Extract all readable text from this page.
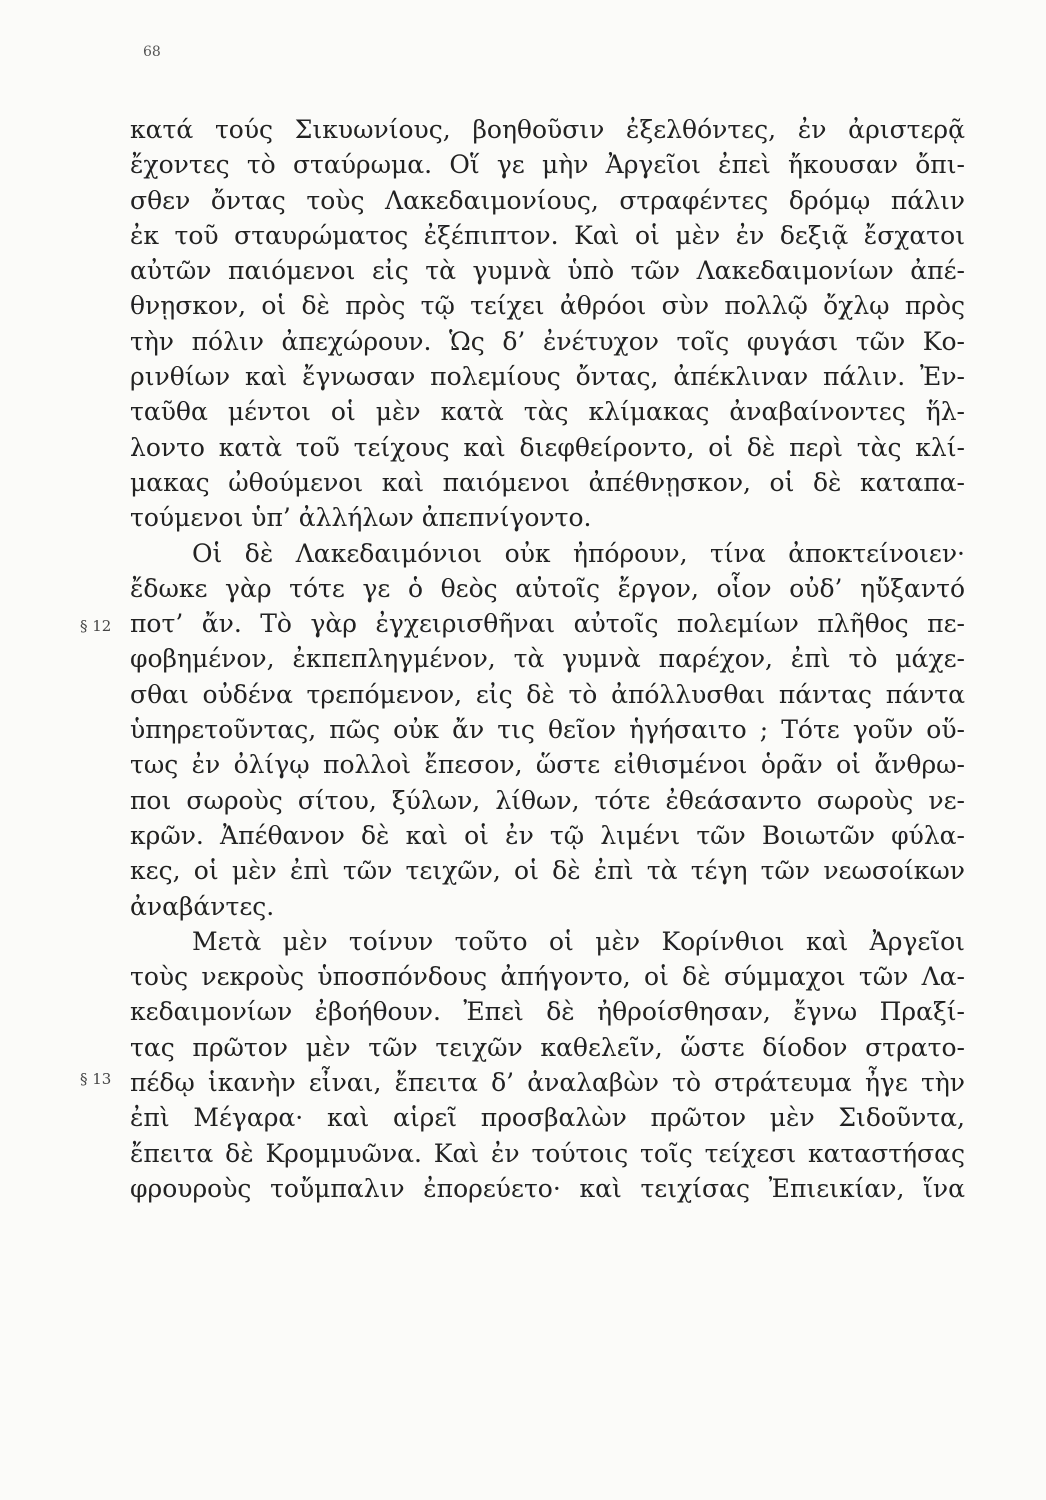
68
κατά τούς Σικυωνίους, βοηθοῦσιν ἐξελθόντες, ἐν ἀριστερᾷ
ἔχοντες τὸ σταύρωμα. Οἵ γε μὴν Ἀργεῖοι ἐπεὶ ἤκουσαν ὄπι-
σθεν ὄντας τοὺς Λακεδαιμονίους, στραφέντες δρόμῳ πάλιν
ἐκ τοῦ σταυρώματος ἐξέπιπτον. Καὶ οἱ μὲν ἐν δεξιᾷ ἔσχατοι
αὐτῶν παιόμενοι εἰς τὰ γυμνὰ ὑπὸ τῶν Λακεδαιμονίων ἀπέ-
θνῃσκον, οἱ δὲ πρὸς τῷ τείχει ἀθρόοι σὺν πολλῷ ὄχλῳ πρὸς
τὴν πόλιν ἀπεχώρουν. Ὡς δ’ ἐνέτυχον τοῖς φυγάσι τῶν Κο-
ρινθίων καὶ ἔγνωσαν πολεμίους ὄντας, ἀπέκλιναν πάλιν. Ἐν-
ταῦθα μέντοι οἱ μὲν κατὰ τὰς κλίμακας ἀναβαίνοντες ἥλ-
λοντο κατὰ τοῦ τείχους καὶ διεφθείροντο, οἱ δὲ περὶ τὰς κλί-
μακας ὠθούμενοι καὶ παιόμενοι ἀπέθνῃσκον, οἱ δὲ καταπα-
τούμενοι ὑπ’ ἀλλήλων ἀπεπνίγοντο.
Οἱ δὲ Λακεδαιμόνιοι οὐκ ἠπόρουν, τίνα ἀποκτείνοιεν·
ἔδωκε γὰρ τότε γε ὁ θεὸς αὐτοῖς ἔργον, οἷον οὐδ’ ηὔξαντό
ποτ’ ἄν. Τὸ γὰρ ἐγχειρισθῆναι αὐτοῖς πολεμίων πλῆθος πε-
φοβημένον, ἐκπεπληγμένον, τὰ γυμνὰ παρέχον, ἐπὶ τὸ μάχε-
σθαι οὐδένα τρεπόμενον, εἰς δὲ τὸ ἀπόλλυσθαι πάντας πάντα
ὑπηρετοῦντας, πῶς οὐκ ἄν τις θεῖον ἡγήσαιτο ; Τότε γοῦν οὕ-
τως ἐν ὀλίγῳ πολλοὶ ἔπεσον, ὥστε εἰθισμένοι ὁρᾶν οἱ ἄνθρω-
ποι σωροὺς σίτου, ξύλων, λίθων, τότε ἐθεάσαντο σωροὺς νε-
κρῶν. Ἀπέθανον δὲ καὶ οἱ ἐν τῷ λιμένι τῶν Βοιωτῶν φύλα-
κες, οἱ μὲν ἐπὶ τῶν τειχῶν, οἱ δὲ ἐπὶ τὰ τέγη τῶν νεωσοίκων
ἀναβάντες.
Μετὰ μὲν τοίνυν τοῦτο οἱ μὲν Κορίνθιοι καὶ Ἀργεῖοι
τοὺς νεκροὺς ὑποσπόνδους ἀπήγοντο, οἱ δὲ σύμμαχοι τῶν Λα-
κεδαιμονίων ἐβοήθουν. Ἐπεὶ δὲ ἠθροίσθησαν, ἔγνω Πραξί-
τας πρῶτον μὲν τῶν τειχῶν καθελεῖν, ὥστε δίοδον στρατο-
πέδῳ ἱκανὴν εἶναι, ἔπειτα δ’ ἀναλαβὼν τὸ στράτευμα ἦγε τὴν
ἐπὶ Μέγαρα· καὶ αἱρεῖ προσβαλὼν πρῶτον μὲν Σιδοῦντα,
ἔπειτα δὲ Κρομμυῶνα. Καὶ ἐν τούτοις τοῖς τείχεσι καταστήσας
φρουροὺς τοὔμπαλιν ἐπορεύετο· καὶ τειχίσας Ἐπιεικίαν, ἵνα
§ 12
§ 13
